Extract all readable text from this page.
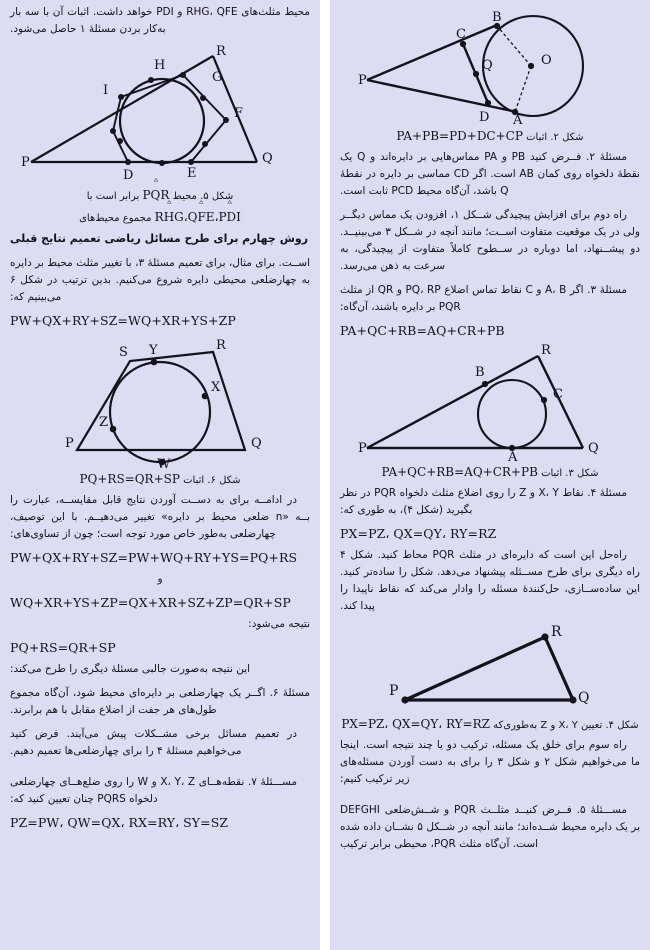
P
A
B
C
D
O
Q
شکل ۲. اثبات PA+PB=PD+DC+CP

مسئلهٔ ۲. فــرض کنید PB و PA مماس‌هایی بر دایره‌اند و Q یک نقطهٔ دلخواه روی کمان AB است. اگر CD مماسی بر دایره در نقطهٔ Q باشد، آن‌گاه محیط PCD ثابت است.

راه دوم برای افزایش پیچیدگی شــکل ۱، افزودن یک مماس دیگــر ولی در یک موقعیت متفاوت اســت؛ مانند آنچه در شــکل ۳ می‌بینیــد. دو پیشــنهاد، اما دوباره در ســطوح کاملاً متفاوت از پیچیدگی، به سرعت به ذهن می‌رسد.

مسئلهٔ ۳. اگر A، B و C نقاط تماس اضلاع PQ، RP و QR از مثلث PQR بر دایره باشند، آن‌گاه:

PA+QC+RB=AQ+CR+PB
P	Q
R
A
B
C
شکل ۳. اثبات PA+QC+RB=AQ+CR+PB

مسئلهٔ ۴. نقاط X، Y و Z را روی اضلاع مثلث دلخواه PQR در نظر بگیرید (شکل ۴)، به طوری که:

PX=PZ، QX=QY، RY=RZ

راه‌حل این است که دایره‌ای در مثلث PQR محاط کنید. شکل ۴ راه دیگری برای طرح مســئله پیشنهاد می‌دهد. شکل را ساده‌تر کنید. این ساده‌ســازی، حل‌کنندهٔ مسئله را وادار می‌کند که نقاط ناپیدا را پیدا کند.

P	Q
R
شکل ۴. تعیین X، Y و Z به‌طوری‌که PX=PZ، QX=QY، RY=RZ

راه سوم برای خلق یک مسئله، ترکیب دو یا چند نتیجه است. اینجا ما می‌خواهیم شکل ۲ و شکل ۳ را برای به دست آوردن مسئله‌های زیر ترکیب کنیم:

مســـئلهٔ ۵. فــرض کنیــد مثلــث PQR و شــش‌ضلعی DEFGHI بر یک دایره محیط شــده‌اند؛ مانند آنچه در شــکل ۵ نشــان داده شده است. آن‌گاه مثلث PQR، محیطی برابر ترکیب

محیط مثلث‌های RHG، QFE و PDI خواهد داشت. اثبات آن با سه بار به‌کار بردن مسئلهٔ ۱ حاصل می‌شود.

P	Q
R
D	E
F
G
H
I
شکل ۵. محیط ▵ PQR برابر است با
▵ PDI،▵ QFE،▵ RHG مجموع محیط‌های

روش چهارم برای طرح مسائل ریاضی تعمیم نتایج قبلی

اســت. برای مثال، برای تعمیم مسئلهٔ ۳، با تغییر مثلث محیط بر دایره به چهارضلعی محیطی دایره شروع می‌کنیم. بدین ترتیب در شکل ۶ می‌بینیم که:

PW+QX+RY+SZ=WQ+XR+YS+ZP
P	Q
R
S
W
X
Y
Z
شکل ۶. اثبات PQ+RS=QR+SP

در ادامــه برای به دســت آوردن نتایج قابل مقایســه، عبارت را بــه «n ضلعی محیط بر دایره» تغییر می‌دهیــم. با این توصیف، چهارضلعی به‌طور خاص مورد توجه است؛ چون از تساوی‌های:

PW+QX+RY+SZ=PW+WQ+RY+YS=PQ+RS

و

WQ+XR+YS+ZP=QX+XR+SZ+ZP=QR+SP

نتیجه می‌شود:

PQ+RS=QR+SP

این نتیجه به‌صورت جالبی مسئلهٔ دیگری را طرح می‌کند:

مسئلهٔ ۶. اگــر یک چهارضلعی بر دایره‌ای محیط شود، آن‌گاه مجموع طول‌های هر جفت از اضلاع مقابل با هم برابرند.

در تعمیم مسائل برخی مشــکلات پیش می‌آیند. فرض کنید می‌خواهیم مسئلهٔ ۴ را برای چهارضلعی‌ها تعمیم دهیم.

مســـئلهٔ ۷. نقطه‌هــای X، Y، Z و W را روی ضلع‌هــای چهارضلعی دلخواه PQRS چنان تعیین کنید که:

PZ=PW، QW=QX، RX=RY، SY=SZ
